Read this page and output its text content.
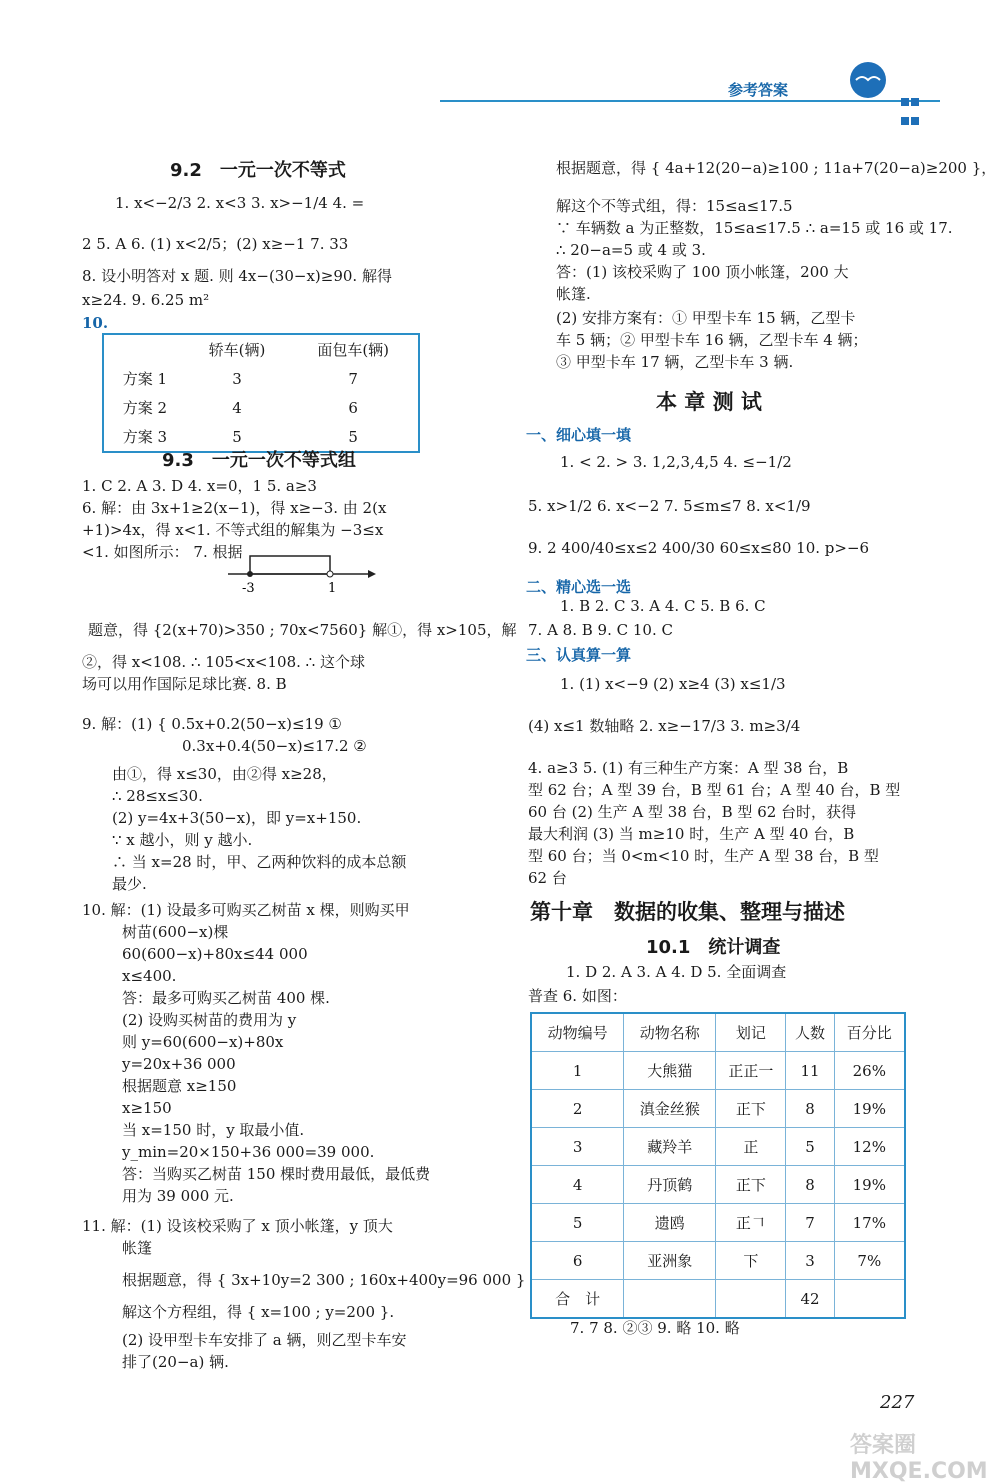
参考答案

9.2　一元一次不等式
1. x<−2/3 2. x<3 3. x>−1/4 4. =
2 5. A 6. (1) x<2/5；(2) x≥−1 7. 33
8. 设小明答对 x 题. 则 4x−(30−x)≥90. 解得
x≥24. 9. 6.25 m²
10.
	轿车(辆)	面包车(辆)
方案 1	3	7
方案 2	4	6
方案 3	5	5
9.3　一元一次不等式组
1. C 2. A 3. D 4. x=0，1 5. a≥3
6. 解：由 3x+1≥2(x−1)，得 x≥−3. 由 2(x
+1)>4x，得 x<1. 不等式组的解集为 −3≤x
<1. 如图所示： 7. 根据
-3	1
题意，得 {2(x+70)>350 ; 70x<7560} 解①，得 x>105，解
②，得 x<108. ∴ 105<x<108. ∴ 这个球
场可以用作国际足球比赛. 8. B
9. 解：(1) { 0.5x+0.2(50−x)≤19 ①
0.3x+0.4(50−x)≤17.2 ②
由①，得 x≤30，由②得 x≥28，
∴ 28≤x≤30.
(2) y=4x+3(50−x)，即 y=x+150.
∵ x 越小，则 y 越小.
∴ 当 x=28 时，甲、乙两种饮料的成本总额
最少.
10. 解：(1) 设最多可购买乙树苗 x 棵，则购买甲
树苗(600−x)棵
60(600−x)+80x≤44 000
x≤400.
答：最多可购买乙树苗 400 棵.
(2) 设购买树苗的费用为 y
则 y=60(600−x)+80x
y=20x+36 000
根据题意 x≥150
x≥150
当 x=150 时，y 取最小值.
y_min=20×150+36 000=39 000.
答：当购买乙树苗 150 棵时费用最低，最低费
用为 39 000 元.
11. 解：(1) 设该校采购了 x 顶小帐篷，y 顶大
帐篷
根据题意，得 { 3x+10y=2 300 ; 160x+400y=96 000 }
解这个方程组，得 { x=100 ; y=200 }.
(2) 设甲型卡车安排了 a 辆，则乙型卡车安
排了(20−a) 辆.
根据题意，得 { 4a+12(20−a)≥100 ; 11a+7(20−a)≥200 }，
解这个不等式组，得：15≤a≤17.5
∵ 车辆数 a 为正整数，15≤a≤17.5 ∴ a=15 或 16 或 17.
∴ 20−a=5 或 4 或 3.
答：(1) 该校采购了 100 顶小帐篷，200 大
帐篷.
(2) 安排方案有：① 甲型卡车 15 辆，乙型卡
车 5 辆；② 甲型卡车 16 辆，乙型卡车 4 辆；
③ 甲型卡车 17 辆，乙型卡车 3 辆.
本 章 测 试
一、细心填一填
1. < 2. > 3. 1,2,3,4,5 4. ≤−1/2
5. x>1/2 6. x<−2 7. 5≤m≤7 8. x<1/9
9. 2 400/40≤x≤2 400/30 60≤x≤80 10. p>−6
二、精心选一选
1. B 2. C 3. A 4. C 5. B 6. C
7. A 8. B 9. C 10. C
三、认真算一算
1. (1) x<−9 (2) x≥4 (3) x≤1/3
(4) x≤1 数轴略 2. x≥−17/3 3. m≥3/4
4. a≥3 5. (1) 有三种生产方案：A 型 38 台，B
型 62 台；A 型 39 台，B 型 61 台；A 型 40 台，B 型
60 台 (2) 生产 A 型 38 台，B 型 62 台时，获得
最大利润 (3) 当 m≥10 时，生产 A 型 40 台，B
型 60 台；当 0<m<10 时，生产 A 型 38 台，B 型
62 台
第十章　数据的收集、整理与描述
10.1　统计调查
1. D 2. A 3. A 4. D 5. 全面调查
普查 6. 如图：
动物编号	动物名称	划记	人数	百分比
1	大熊猫	正正一	11	26%
2	滇金丝猴	正下	8	19%
3	藏羚羊	正	5	12%
4	丹顶鹤	正下	8	19%
5	遗鸥	正𠃍	7	17%
6	亚洲象	下	3	7%
合　计			42	
7. 7 8. ②③ 9. 略 10. 略
227
答案圈 MXQE.COM
